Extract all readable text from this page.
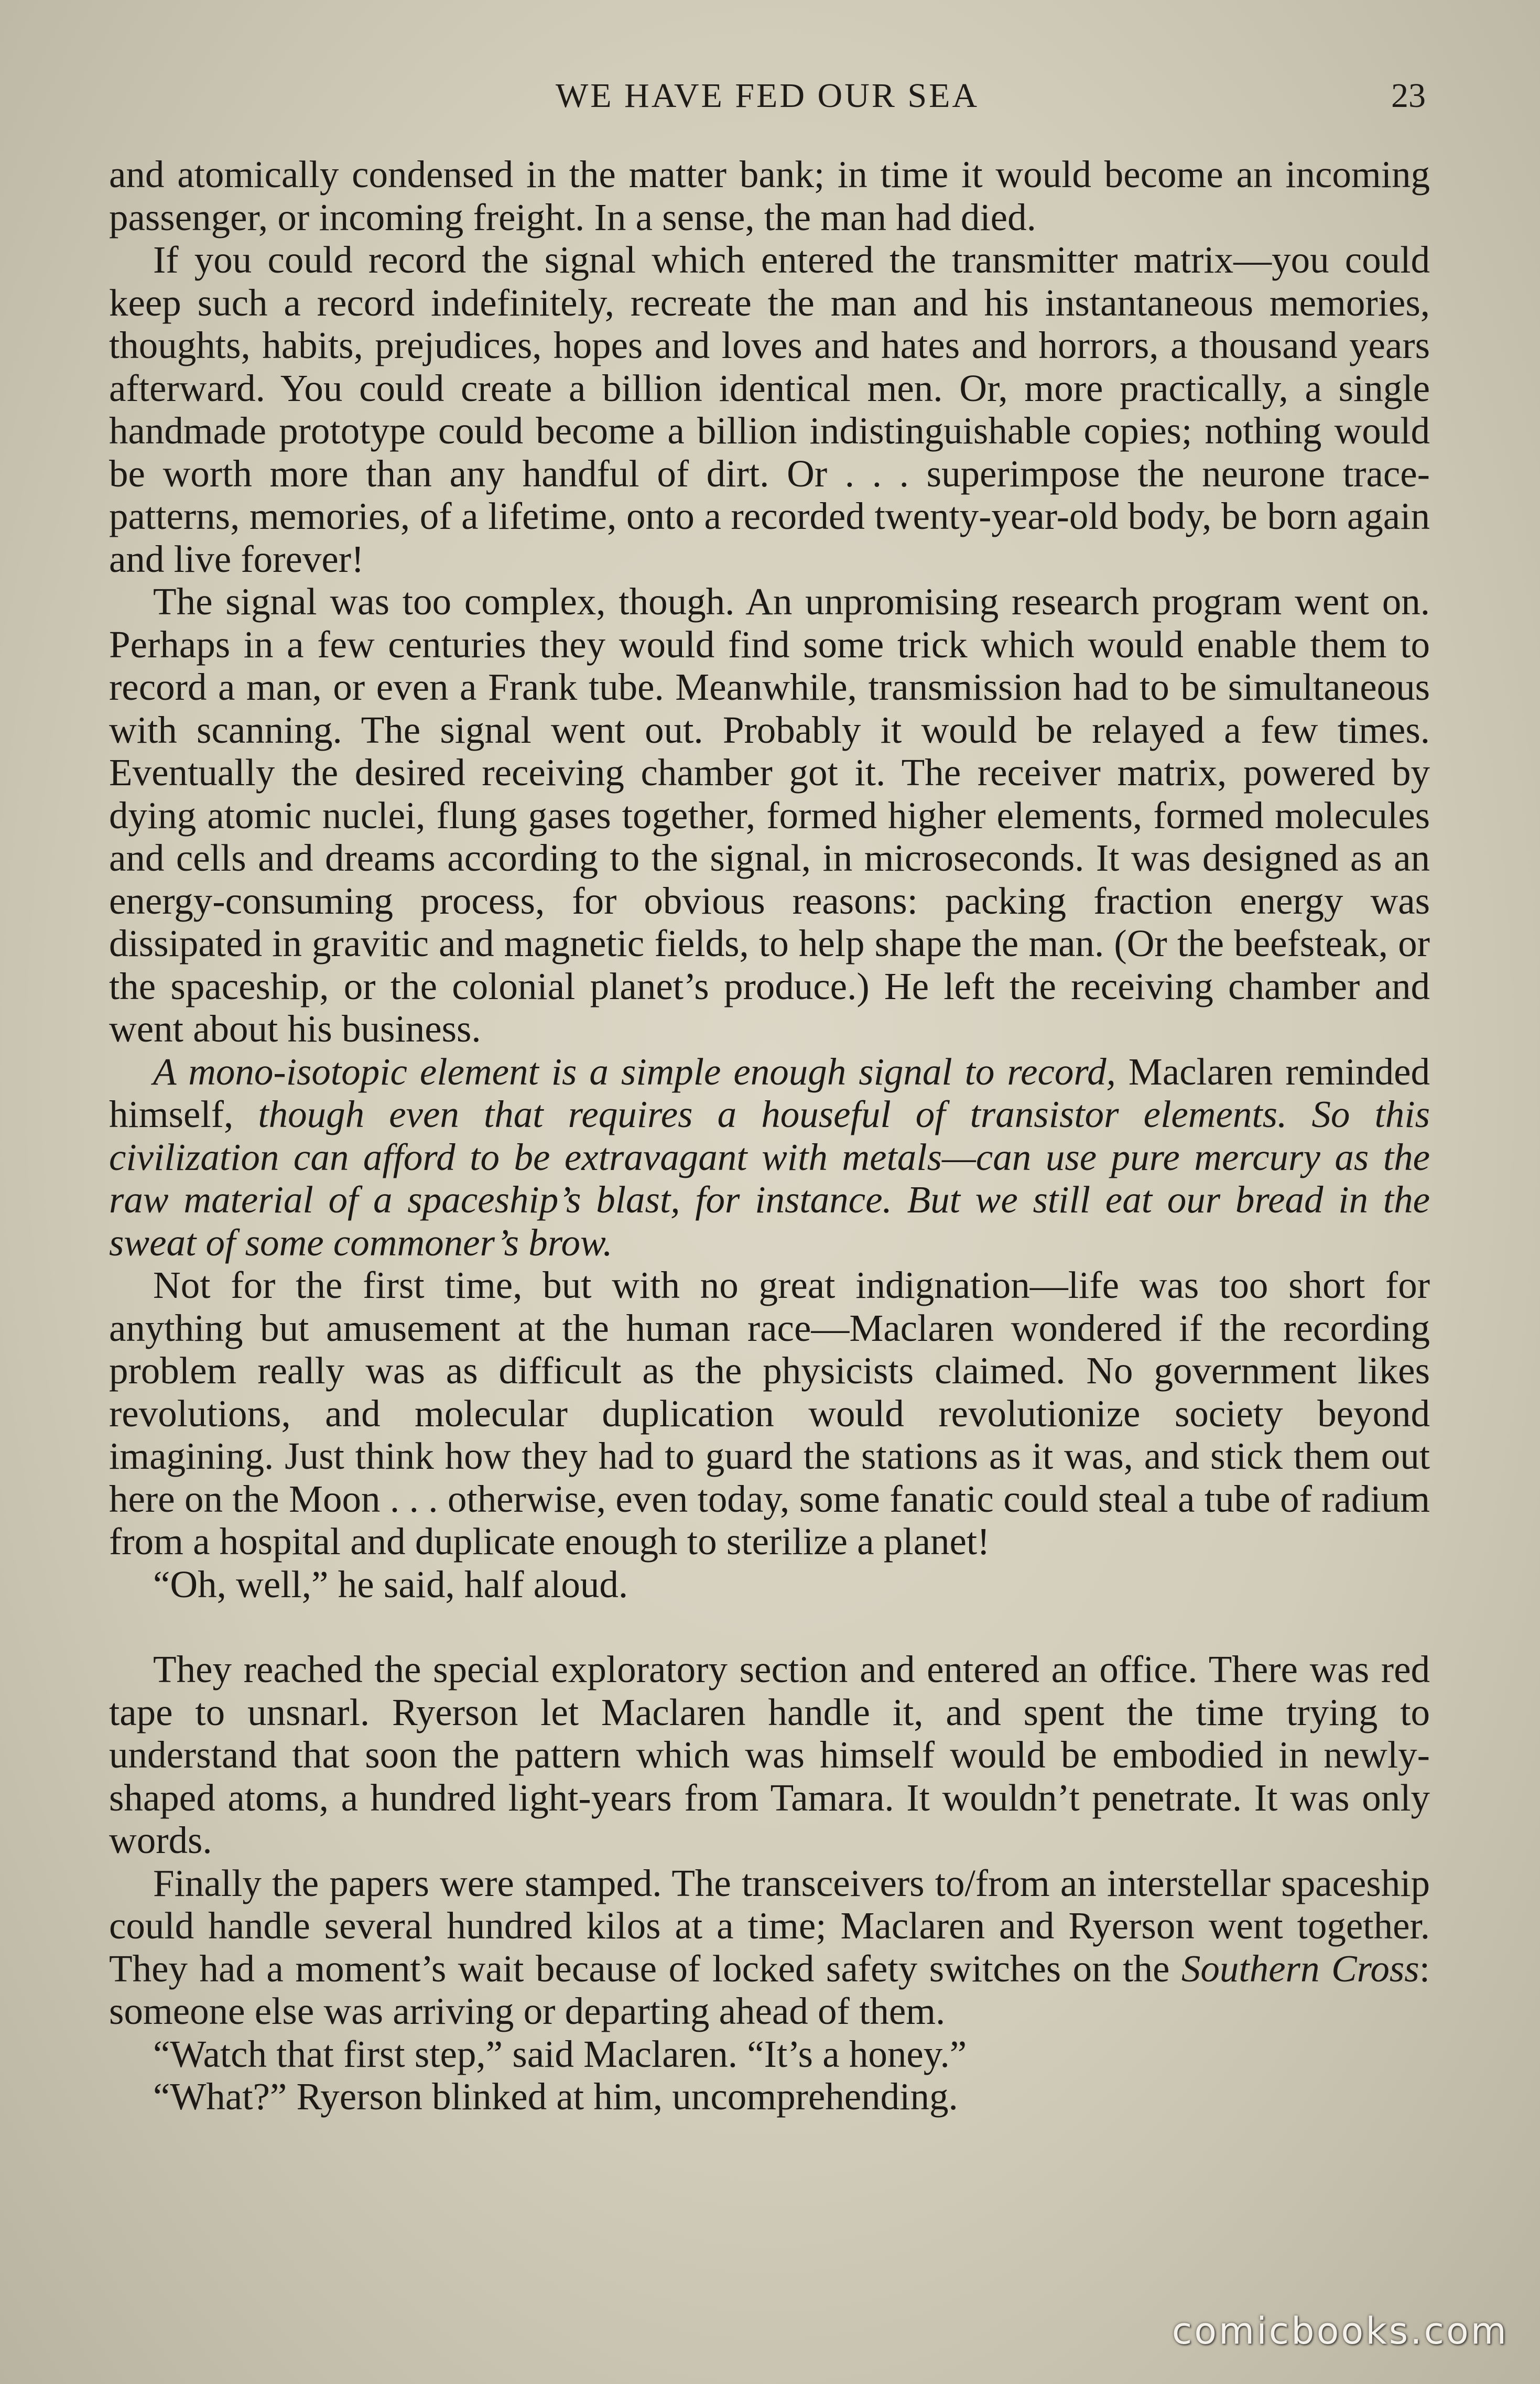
WE HAVE FED OUR SEA	23

and atomically condensed in the matter bank; in time it would become an incoming passenger, or incoming freight. In a sense, the man had died.

If you could record the signal which entered the transmitter matrix—you could keep such a record indefinitely, recreate the man and his instantaneous memories, thoughts, habits, prejudices, hopes and loves and hates and horrors, a thousand years afterward. You could create a billion identical men. Or, more practically, a single handmade prototype could become a billion indistinguishable copies; nothing would be worth more than any handful of dirt. Or . . . superimpose the neurone trace-patterns, memories, of a lifetime, onto a recorded twenty-year-old body, be born again and live forever!

The signal was too complex, though. An unpromising research program went on. Perhaps in a few centuries they would find some trick which would enable them to record a man, or even a Frank tube. Meanwhile, transmission had to be simultaneous with scanning. The signal went out. Probably it would be relayed a few times. Eventually the desired receiving chamber got it. The receiver matrix, powered by dying atomic nuclei, flung gases together, formed higher elements, formed molecules and cells and dreams according to the signal, in microseconds. It was designed as an energy-consuming process, for obvious reasons: packing fraction energy was dissipated in gravitic and magnetic fields, to help shape the man. (Or the beefsteak, or the spaceship, or the colonial planet’s produce.) He left the receiving chamber and went about his business.

A mono-isotopic element is a simple enough signal to record, Maclaren reminded himself, though even that requires a houseful of transistor elements. So this civilization can afford to be extravagant with metals—can use pure mercury as the raw material of a spaceship’s blast, for instance. But we still eat our bread in the sweat of some commoner’s brow.

Not for the first time, but with no great indignation—life was too short for anything but amusement at the human race—Maclaren wondered if the recording problem really was as difficult as the physicists claimed. No government likes revolutions, and molecular duplication would revolutionize society beyond imagining. Just think how they had to guard the stations as it was, and stick them out here on the Moon . . . otherwise, even today, some fanatic could steal a tube of radium from a hospital and duplicate enough to sterilize a planet!

“Oh, well,” he said, half aloud.

They reached the special exploratory section and entered an office. There was red tape to unsnarl. Ryerson let Maclaren handle it, and spent the time trying to understand that soon the pattern which was himself would be embodied in newly-shaped atoms, a hundred light-years from Tamara. It wouldn’t penetrate. It was only words.

Finally the papers were stamped. The transceivers to/from an interstellar spaceship could handle several hundred kilos at a time; Maclaren and Ryerson went together. They had a moment’s wait because of locked safety switches on the Southern Cross: someone else was arriving or departing ahead of them.

“Watch that first step,” said Maclaren. “It’s a honey.”

“What?” Ryerson blinked at him, uncomprehending.

comicbooks.com
